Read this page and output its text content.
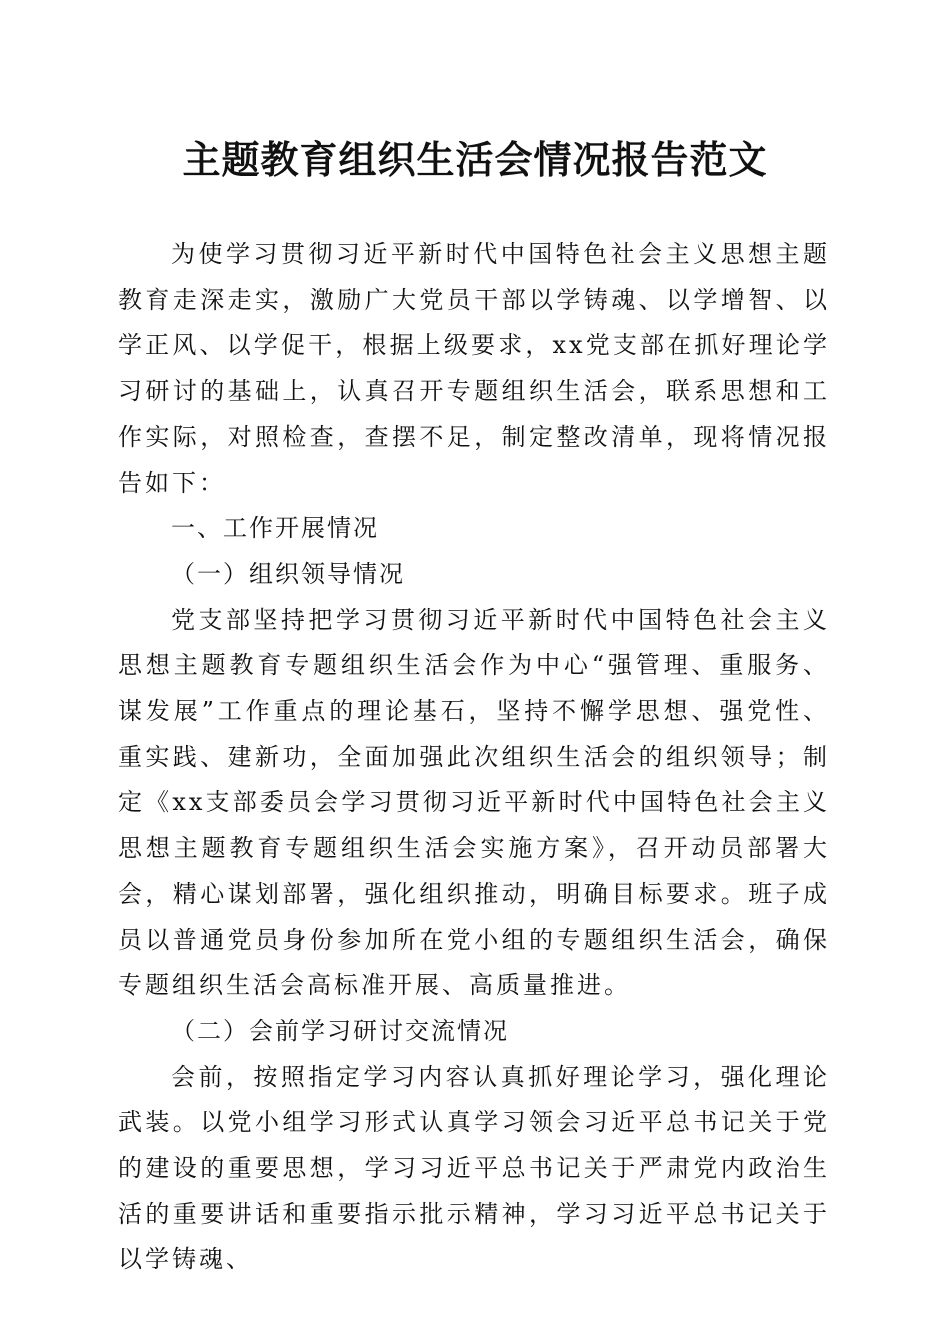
主题教育组织生活会情况报告范文

为使学习贯彻习近平新时代中国特色社会主义思想主题教育走深走实，激励广大党员干部以学铸魂、以学增智、以学正风、以学促干，根据上级要求，xx党支部在抓好理论学习研讨的基础上，认真召开专题组织生活会，联系思想和工作实际，对照检查，查摆不足，制定整改清单，现将情况报告如下：

一、工作开展情况

（一）组织领导情况

党支部坚持把学习贯彻习近平新时代中国特色社会主义思想主题教育专题组织生活会作为中心“强管理、重服务、谋发展”工作重点的理论基石，坚持不懈学思想、强党性、重实践、建新功，全面加强此次组织生活会的组织领导；制定《xx支部委员会学习贯彻习近平新时代中国特色社会主义思想主题教育专题组织生活会实施方案》，召开动员部署大会，精心谋划部署，强化组织推动，明确目标要求。班子成员以普通党员身份参加所在党小组的专题组织生活会，确保专题组织生活会高标准开展、高质量推进。

（二）会前学习研讨交流情况

会前，按照指定学习内容认真抓好理论学习，强化理论武装。以党小组学习形式认真学习领会习近平总书记关于党的建设的重要思想，学习习近平总书记关于严肃党内政治生活的重要讲话和重要指示批示精神，学习习近平总书记关于以学铸魂、
